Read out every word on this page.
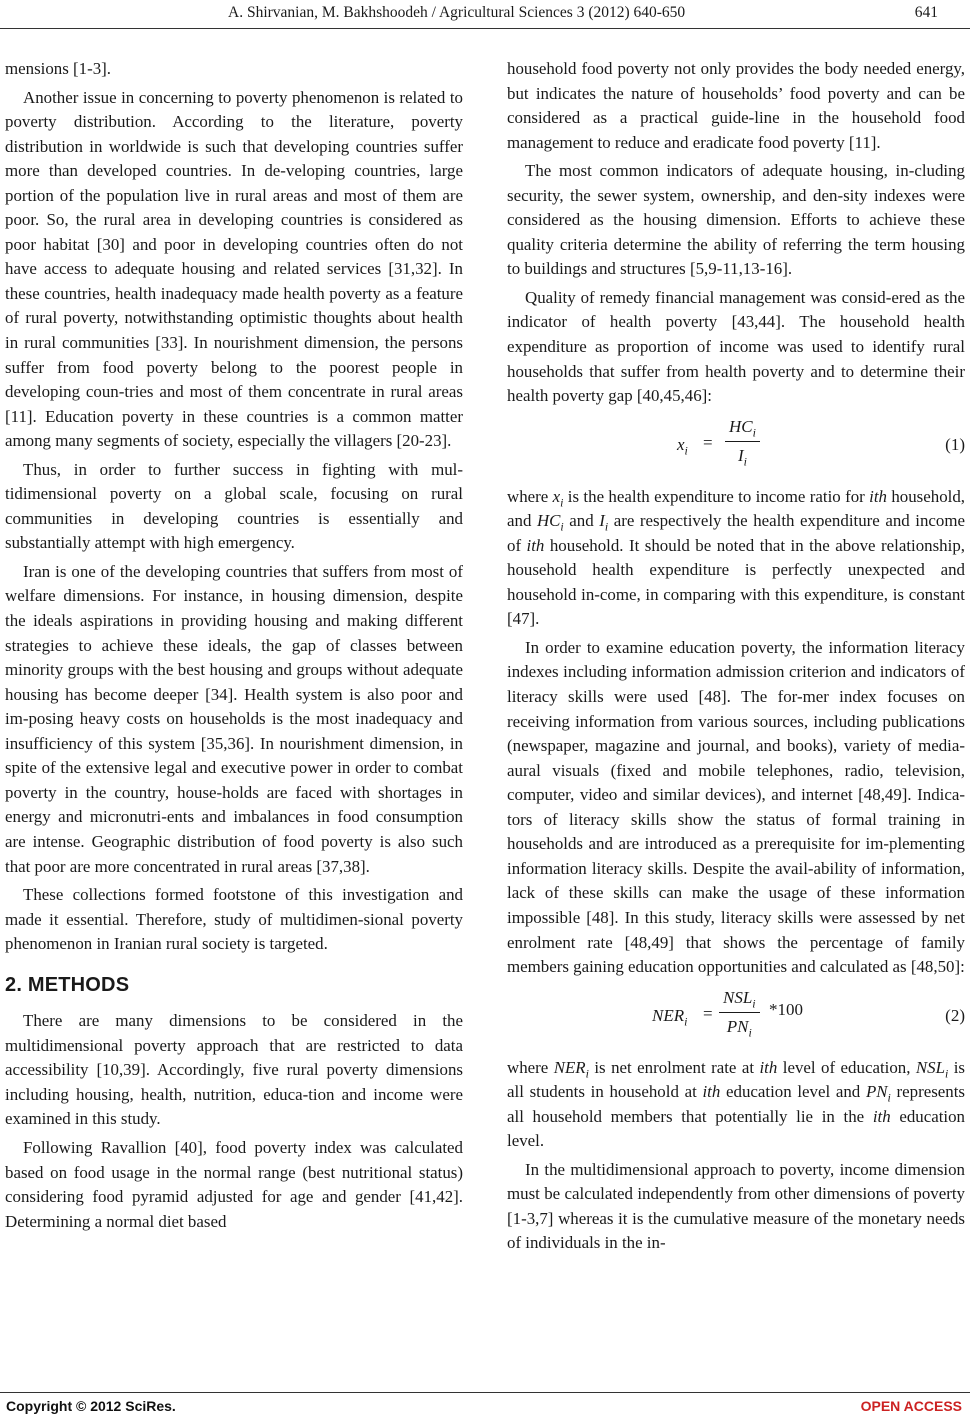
A. Shirvanian, M. Bakhshoodeh / Agricultural Sciences 3 (2012) 640-650	641

mensions [1-3].

Another issue in concerning to poverty phenomenon is related to poverty distribution. According to the literature, poverty distribution in worldwide is such that developing countries suffer more than developed countries. In de-veloping countries, large portion of the population live in rural areas and most of them are poor. So, the rural area in developing countries is considered as poor habitat [30] and poor in developing countries often do not have access to adequate housing and related services [31,32]. In these countries, health inadequacy made health poverty as a feature of rural poverty, notwithstanding optimistic thoughts about health in rural communities [33]. In nourishment dimension, the persons suffer from food poverty belong to the poorest people in developing coun-tries and most of them concentrate in rural areas [11]. Education poverty in these countries is a common matter among many segments of society, especially the villagers [20-23].

Thus, in order to further success in fighting with mul-tidimensional poverty on a global scale, focusing on rural communities in developing countries is essentially and substantially attempt with high emergency.

Iran is one of the developing countries that suffers from most of welfare dimensions. For instance, in housing dimension, despite the ideals aspirations in providing housing and making different strategies to achieve these ideals, the gap of classes between minority groups with the best housing and groups without adequate housing has become deeper [34]. Health system is also poor and im-posing heavy costs on households is the most inadequacy and insufficiency of this system [35,36]. In nourishment dimension, in spite of the extensive legal and executive power in order to combat poverty in the country, house-holds are faced with shortages in energy and micronutri-ents and imbalances in food consumption are intense. Geographic distribution of food poverty is also such that poor are more concentrated in rural areas [37,38].

These collections formed footstone of this investigation and made it essential. Therefore, study of multidimen-sional poverty phenomenon in Iranian rural society is targeted.

2. METHODS

There are many dimensions to be considered in the multidimensional poverty approach that are restricted to data accessibility [10,39]. Accordingly, five rural poverty dimensions including housing, health, nutrition, educa-tion and income were examined in this study.

Following Ravallion [40], food poverty index was calculated based on food usage in the normal range (best nutritional status) considering food pyramid adjusted for age and gender [41,42]. Determining a normal diet based

household food poverty not only provides the body needed energy, but indicates the nature of households’ food poverty and can be considered as a practical guide-line in the household food management to reduce and eradicate food poverty [11].

The most common indicators of adequate housing, in-cluding security, the sewer system, ownership, and den-sity indexes were considered as the housing dimension. Efforts to achieve these quality criteria determine the ability of referring the term housing to buildings and structures [5,9-11,13-16].

Quality of remedy financial management was consid-ered as the indicator of health poverty [43,44]. The household health expenditure as proportion of income was used to identify rural households that suffer from health poverty and to determine their health poverty gap [40,45,46]:

$x_i$ =
$HC_i$
$I_i$
(1)

where $x_i$ is the health expenditure to income ratio for ith household, and $HC_i$ and $I_i$ are respectively the health expenditure and income of ith household. It should be noted that in the above relationship, household health expenditure is perfectly unexpected and household in-come, in comparing with this expenditure, is constant [47].

In order to examine education poverty, the information literacy indexes including information admission criterion and indicators of literacy skills were used [48]. The for-mer index focuses on receiving information from various sources, including publications (newspaper, magazine and journal, and books), variety of media-aural visuals (fixed and mobile telephones, radio, television, computer, video and similar devices), and internet [48,49]. Indica-tors of literacy skills show the status of formal training in households and are introduced as a prerequisite for im-plementing information literacy skills. Despite the avail-ability of information, lack of these skills can make the usage of these information impossible [48]. In this study, literacy skills were assessed by net enrolment rate [48,49] that shows the percentage of family members gaining education opportunities and calculated as [48,50]:

$NER_i$ =
$NSL_i$
$PN_i$
*100	(2)

where $NER_i$ is net enrolment rate at ith level of education, $NSL_i$ is all students in household at ith education level and $PN_i$ represents all household members that potentially lie in the ith education level.

In the multidimensional approach to poverty, income dimension must be calculated independently from other dimensions of poverty [1-3,7] whereas it is the cumulative measure of the monetary needs of individuals in the in-

Copyright © 2012 SciRes.	OPEN ACCESS
